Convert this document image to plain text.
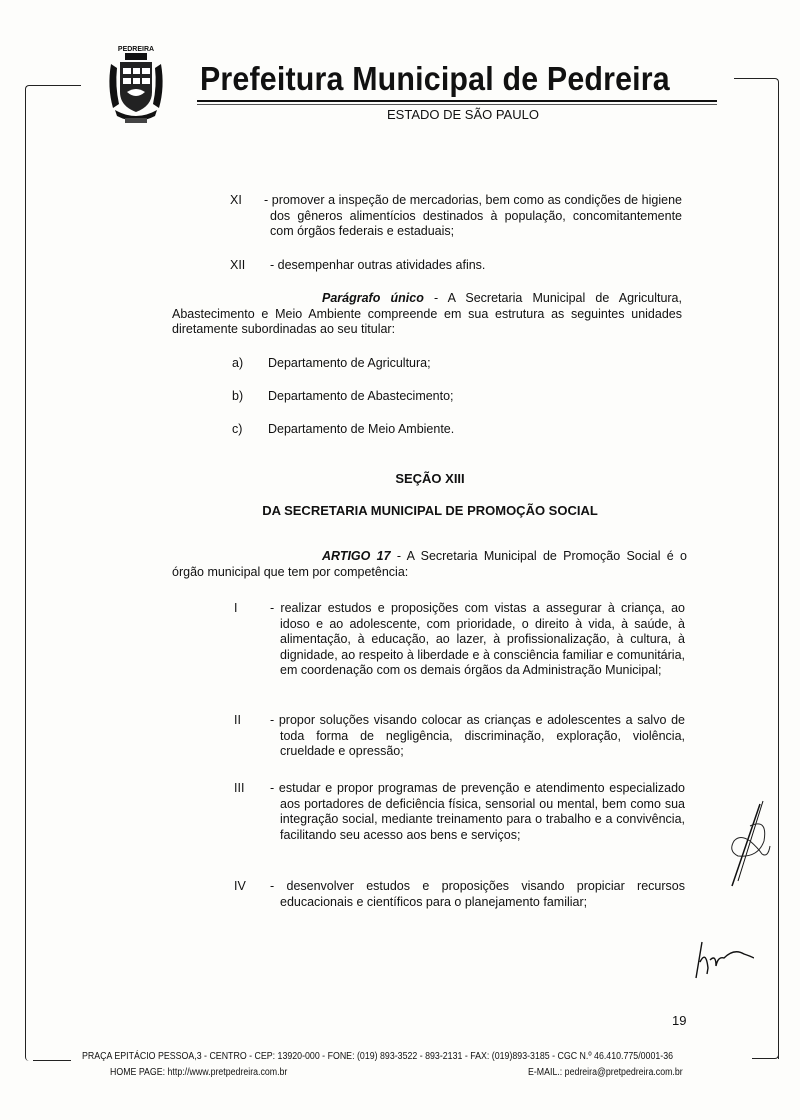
PEDREIRA
Prefeitura Municipal de Pedreira
ESTADO DE SÃO PAULO
XI - promover a inspeção de mercadorias, bem como as condições de higiene dos gêneros alimentícios destinados à população, concomitantemente com órgãos federais e estaduais;
XII - desempenhar outras atividades afins.
Parágrafo único - A Secretaria Municipal de Agricultura, Abastecimento e Meio Ambiente compreende em sua estrutura as seguintes unidades diretamente subordinadas ao seu titular:
a) Departamento de Agricultura;
b) Departamento de Abastecimento;
c) Departamento de Meio Ambiente.
SEÇÃO XIII
DA SECRETARIA MUNICIPAL DE PROMOÇÃO SOCIAL
ARTIGO 17 - A Secretaria Municipal de Promoção Social é o órgão municipal que tem por competência:
I	- realizar estudos e proposições com vistas a assegurar à criança, ao idoso e ao adolescente, com prioridade, o direito à vida, à saúde, à alimentação, à educação, ao lazer, à profissionalização, à cultura, à dignidade, ao respeito à liberdade e à consciência familiar e comunitária, em coordenação com os demais órgãos da Administração Municipal;
II - propor soluções visando colocar as crianças e adolescentes a salvo de toda forma de negligência, discriminação, exploração, violência, crueldade e opressão;
III - estudar e propor programas de prevenção e atendimento especializado aos portadores de deficiência física, sensorial ou mental, bem como sua integração social, mediante treinamento para o trabalho e a convivência, facilitando seu acesso aos bens e serviços;
IV - desenvolver estudos e proposições visando propiciar recursos educacionais e científicos para o planejamento familiar;
19
PRAÇA EPITÁCIO PESSOA,3 - CENTRO - CEP: 13920-000 - FONE: (019) 893-3522 - 893-2131 - FAX: (019)893-3185 - CGC N.º 46.410.775/0001-36
HOME PAGE: http://www.pretpedreira.com.br	E-MAIL.: pedreira@pretpedreira.com.br
